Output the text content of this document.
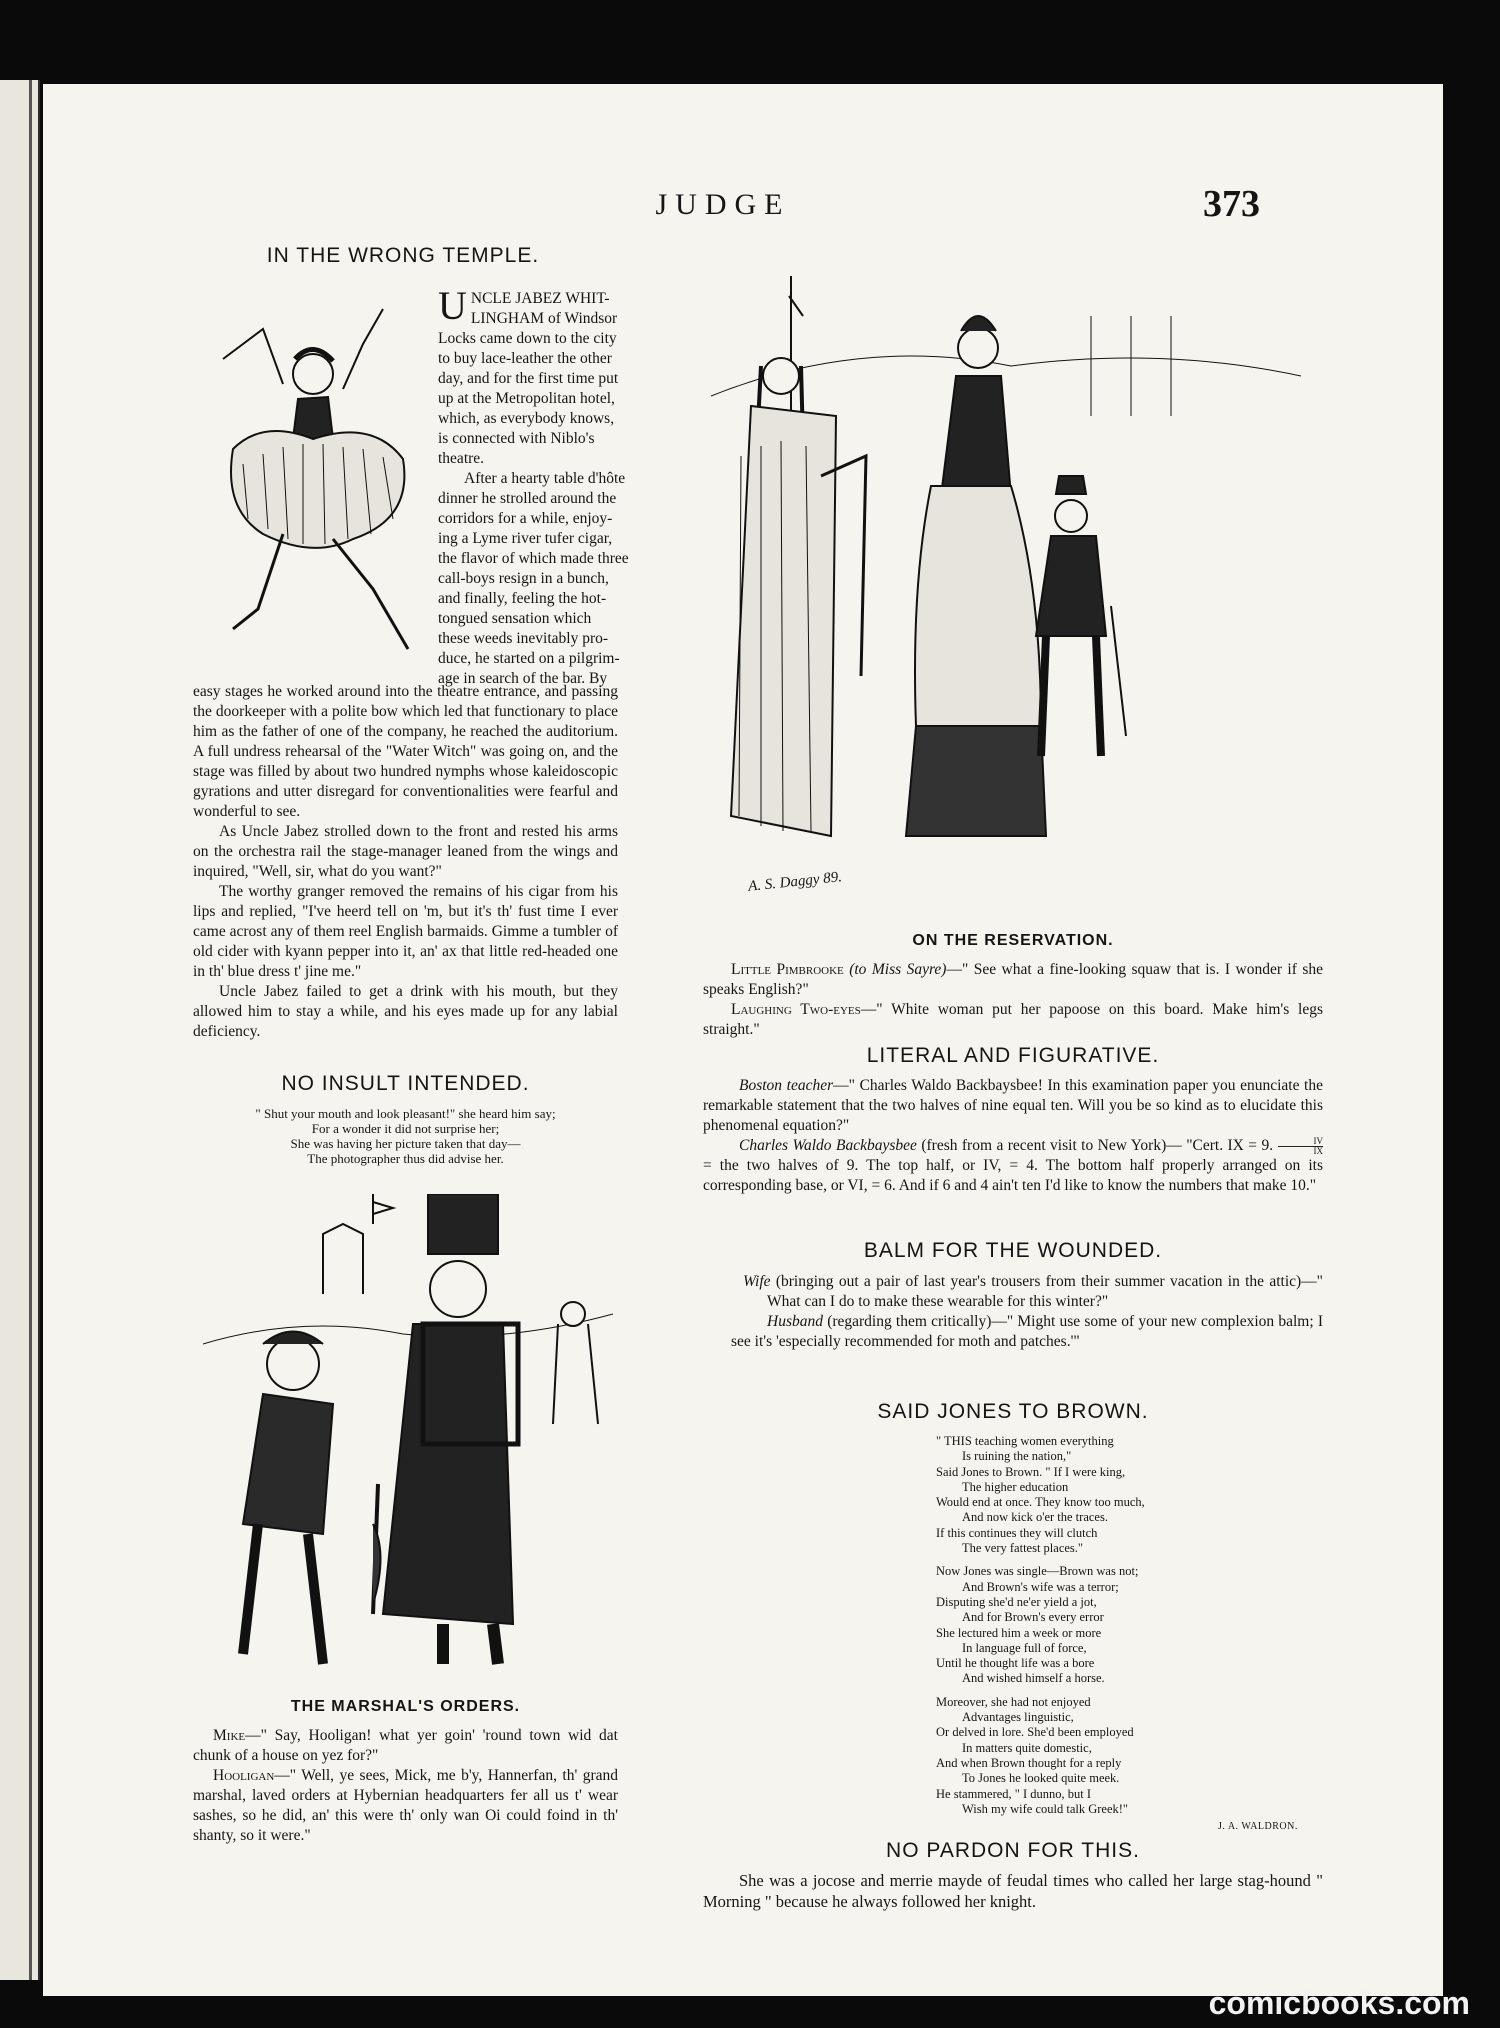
JUDGE	373
IN THE WRONG TEMPLE.
U NCLE JABEZ WHIT-
LINGHAM of Windsor
Locks came down to the city
to buy lace-leather the other
day, and for the first time put
up at the Metropolitan hotel,
which, as everybody knows,
is connected with Niblo's
theatre.
After a hearty table d'hôte
dinner he strolled around the
corridors for a while, enjoy-
ing a Lyme river tufer cigar,
the flavor of which made three
call-boys resign in a bunch,
and finally, feeling the hot-
tongued sensation which
these weeds inevitably pro-
duce, he started on a pilgrim-
age in search of the bar. By

easy stages he worked around into the theatre entrance, and passing the doorkeeper with a polite bow which led that functionary to place him as the father of one of the company, he reached the auditorium. A full undress rehearsal of the "Water Witch" was going on, and the stage was filled by about two hundred nymphs whose kaleidoscopic gyrations and utter disregard for conventionalities were fearful and wonderful to see.

As Uncle Jabez strolled down to the front and rested his arms on the orchestra rail the stage-manager leaned from the wings and inquired, "Well, sir, what do you want?"

The worthy granger removed the remains of his cigar from his lips and replied, "I've heerd tell on 'm, but it's th' fust time I ever came acrost any of them reel English barmaids. Gimme a tumbler of old cider with kyann pepper into it, an' ax that little red-headed one in th' blue dress t' jine me."

Uncle Jabez failed to get a drink with his mouth, but they allowed him to stay a while, and his eyes made up for any labial deficiency.

NO INSULT INTENDED.
" Shut your mouth and look pleasant!" she heard him say;
For a wonder it did not surprise her;
She was having her picture taken that day—
The photographer thus did advise her.
THE MARSHAL'S ORDERS.

Mike—" Say, Hooligan! what yer goin' 'round town wid dat chunk of a house on yez for?"

Hooligan—" Well, ye sees, Mick, me b'y, Hannerfan, th' grand marshal, laved orders at Hybernian headquarters fer all us t' wear sashes, so he did, an' this were th' only wan Oi could foind in th' shanty, so it were."

A. S. Daggy 89.
ON THE RESERVATION.

Little Pimbrooke (to Miss Sayre)—" See what a fine-looking squaw that is. I wonder if she speaks English?"

Laughing Two-eyes—" White woman put her papoose on this board. Make him's legs straight."

LITERAL AND FIGURATIVE.

Boston teacher—" Charles Waldo Backbaysbee! In this examination paper you enunciate the remarkable statement that the two halves of nine equal ten. Will you be so kind as to elucidate this phenomenal equation?"

Charles Waldo Backbaysbee (fresh from a recent visit to New York)— "Cert. IX = 9. $\frac{IV}{IX}$
= the two halves of 9. The top half, or IV, = 4. The bottom half properly arranged on its corresponding base, or VI, = 6. And if 6 and 4 ain't ten I'd like to know the numbers that make 10."

BALM FOR THE WOUNDED.

Wife (bringing out a pair of last year's trousers from their summer vacation in the attic)—" What can I do to make these wearable for this winter?"

Husband (regarding them critically)—" Might use some of your new complexion balm; I see it's 'especially recommended for moth and patches.'"

SAID JONES TO BROWN.
" THIS teaching women everything
Is ruining the nation,"
Said Jones to Brown. " If I were king,
The higher education
Would end at once. They know too much,
And now kick o'er the traces.
If this continues they will clutch
The very fattest places."
Now Jones was single—Brown was not;
And Brown's wife was a terror;
Disputing she'd ne'er yield a jot,
And for Brown's every error
She lectured him a week or more
In language full of force,
Until he thought life was a bore
And wished himself a horse.
Moreover, she had not enjoyed
Advantages linguistic,
Or delved in lore. She'd been employed
In matters quite domestic,
And when Brown thought for a reply
To Jones he looked quite meek.
He stammered, " I dunno, but I
Wish my wife could talk Greek!"
J. A. WALDRON.
NO PARDON FOR THIS.

She was a jocose and merrie mayde of feudal times who called her large stag-hound " Morning " because he always followed her knight.

comicbooks.com
